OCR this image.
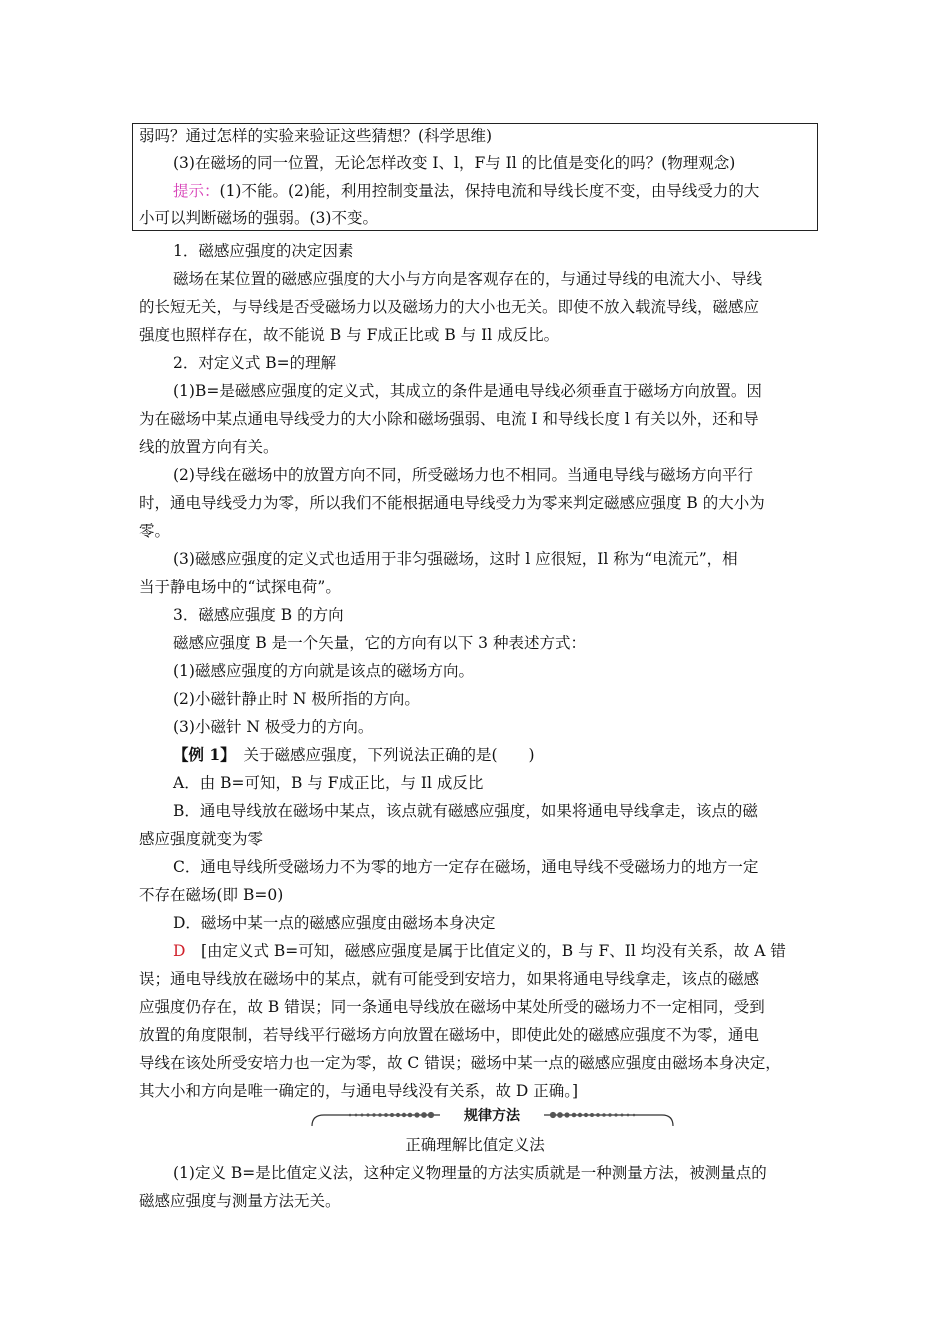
弱吗？通过怎样的实验来验证这些猜想？(科学思维)
(3)在磁场的同一位置，无论怎样改变 I、l，F与 Il 的比值是变化的吗？(物理观念)
提示：(1)不能。(2)能，利用控制变量法，保持电流和导线长度不变，由导线受力的大
小可以判断磁场的强弱。(3)不变。
1．磁感应强度的决定因素
磁场在某位置的磁感应强度的大小与方向是客观存在的，与通过导线的电流大小、导线
的长短无关，与导线是否受磁场力以及磁场力的大小也无关。即使不放入载流导线，磁感应
强度也照样存在，故不能说 B 与 F成正比或 B 与 Il 成反比。
2．对定义式 B=的理解
(1)B=是磁感应强度的定义式，其成立的条件是通电导线必须垂直于磁场方向放置。因
为在磁场中某点通电导线受力的大小除和磁场强弱、电流 I 和导线长度 l 有关以外，还和导
线的放置方向有关。
(2)导线在磁场中的放置方向不同，所受磁场力也不相同。当通电导线与磁场方向平行
时，通电导线受力为零，所以我们不能根据通电导线受力为零来判定磁感应强度 B 的大小为
零。
(3)磁感应强度的定义式也适用于非匀强磁场，这时 l 应很短，Il 称为“电流元”，相
当于静电场中的“试探电荷”。
3．磁感应强度 B 的方向
磁感应强度 B 是一个矢量，它的方向有以下 3 种表述方式：
(1)磁感应强度的方向就是该点的磁场方向。
(2)小磁针静止时 N 极所指的方向。
(3)小磁针 N 极受力的方向。
【例 1】　关于磁感应强度，下列说法正确的是(　　)
A．由 B=可知，B 与 F成正比，与 Il 成反比
B．通电导线放在磁场中某点，该点就有磁感应强度，如果将通电导线拿走，该点的磁
感应强度就变为零
C．通电导线所受磁场力不为零的地方一定存在磁场，通电导线不受磁场力的地方一定
不存在磁场(即 B=0)
D．磁场中某一点的磁感应强度由磁场本身决定
D　[由定义式 B=可知，磁感应强度是属于比值定义的，B 与 F、Il 均没有关系，故 A 错
误；通电导线放在磁场中的某点，就有可能受到安培力，如果将通电导线拿走，该点的磁感
应强度仍存在，故 B 错误；同一条通电导线放在磁场中某处所受的磁场力不一定相同，受到
放置的角度限制，若导线平行磁场方向放置在磁场中，即使此处的磁感应强度不为零，通电
导线在该处所受安培力也一定为零，故 C 错误；磁场中某一点的磁感应强度由磁场本身决定，
其大小和方向是唯一确定的，与通电导线没有关系，故 D 正确。]
规律方法
正确理解比值定义法
(1)定义 B=是比值定义法，这种定义物理量的方法实质就是一种测量方法，被测量点的
磁感应强度与测量方法无关。
